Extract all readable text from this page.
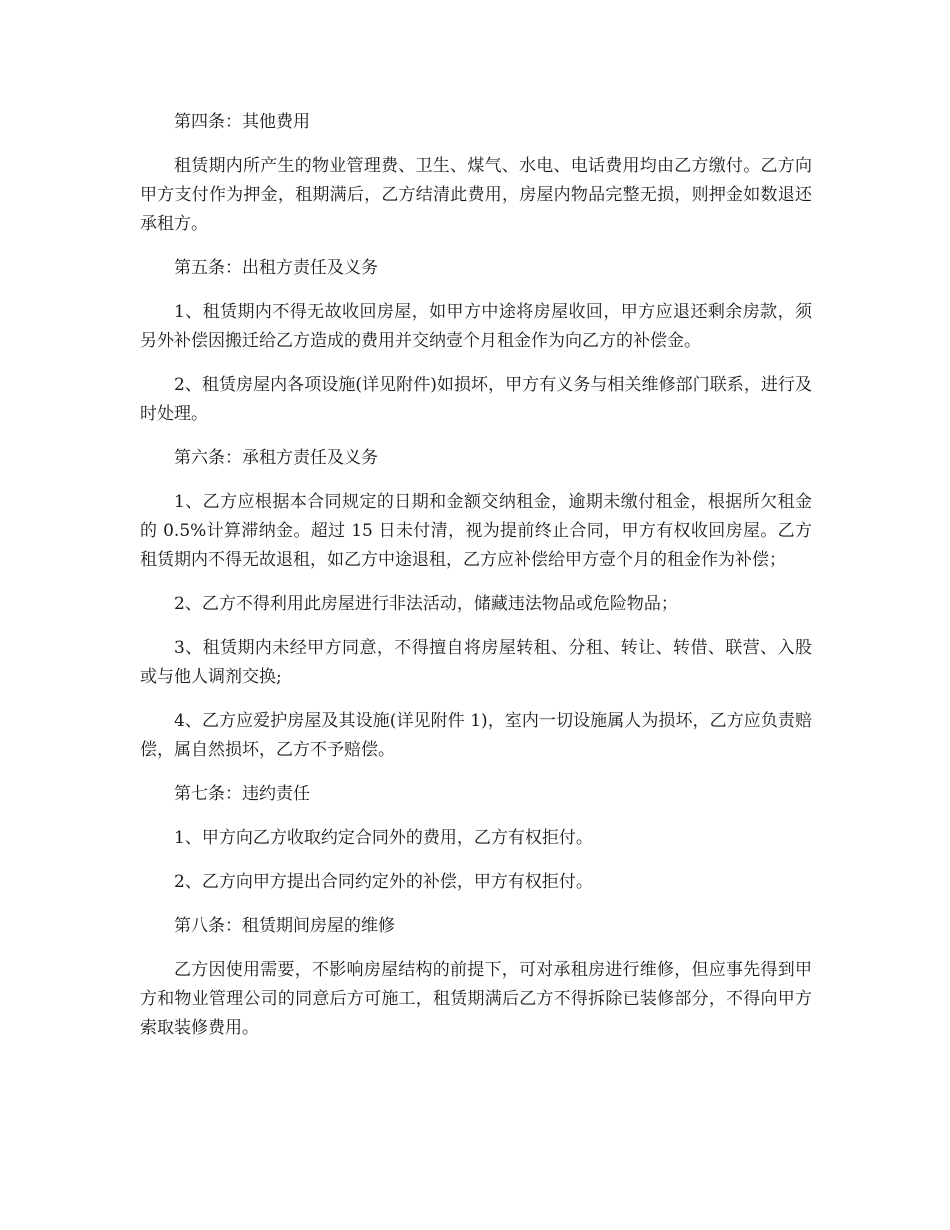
第四条：其他费用
租赁期内所产生的物业管理费、卫生、煤气、水电、电话费用均由乙方缴付。乙方向甲方支付作为押金，租期满后，乙方结清此费用，房屋内物品完整无损，则押金如数退还承租方。
第五条：出租方责任及义务
1、租赁期内不得无故收回房屋，如甲方中途将房屋收回，甲方应退还剩余房款，须另外补偿因搬迁给乙方造成的费用并交纳壹个月租金作为向乙方的补偿金。
2、租赁房屋内各项设施(详见附件)如损坏，甲方有义务与相关维修部门联系，进行及时处理。
第六条：承租方责任及义务
1、乙方应根据本合同规定的日期和金额交纳租金，逾期未缴付租金，根据所欠租金的 0.5%计算滞纳金。超过 15 日未付清，视为提前终止合同，甲方有权收回房屋。乙方租赁期内不得无故退租，如乙方中途退租，乙方应补偿给甲方壹个月的租金作为补偿；
2、乙方不得利用此房屋进行非法活动，储藏违法物品或危险物品；
3、租赁期内未经甲方同意，不得擅自将房屋转租、分租、转让、转借、联营、入股或与他人调剂交换;
4、乙方应爱护房屋及其设施(详见附件 1)，室内一切设施属人为损坏，乙方应负责赔偿，属自然损坏，乙方不予赔偿。
第七条：违约责任
1、甲方向乙方收取约定合同外的费用，乙方有权拒付。
2、乙方向甲方提出合同约定外的补偿，甲方有权拒付。
第八条：租赁期间房屋的维修
乙方因使用需要，不影响房屋结构的前提下，可对承租房进行维修，但应事先得到甲方和物业管理公司的同意后方可施工，租赁期满后乙方不得拆除已装修部分，不得向甲方索取装修费用。
